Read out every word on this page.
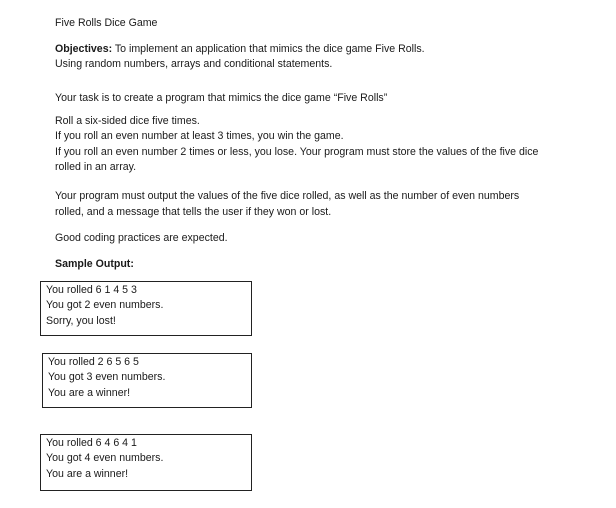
Five Rolls Dice Game
Objectives: To implement an application that mimics the dice game Five Rolls.
Using random numbers, arrays and conditional statements.
Your task is to create a program that mimics the dice game “Five Rolls”
Roll a six-sided dice five times.
If you roll an even number at least 3 times, you win the game.
If you roll an even number 2 times or less, you lose. Your program must store the values of the five dice
rolled in an array.
Your program must output the values of the five dice rolled, as well as the number of even numbers
rolled, and a message that tells the user if they won or lost.
Good coding practices are expected.
Sample Output:
You rolled 6 1 4 5 3
You got 2 even numbers.
Sorry, you lost!
You rolled 2 6 5 6 5
You got 3 even numbers.
You are a winner!
You rolled 6 4 6 4 1
You got 4 even numbers.
You are a winner!
